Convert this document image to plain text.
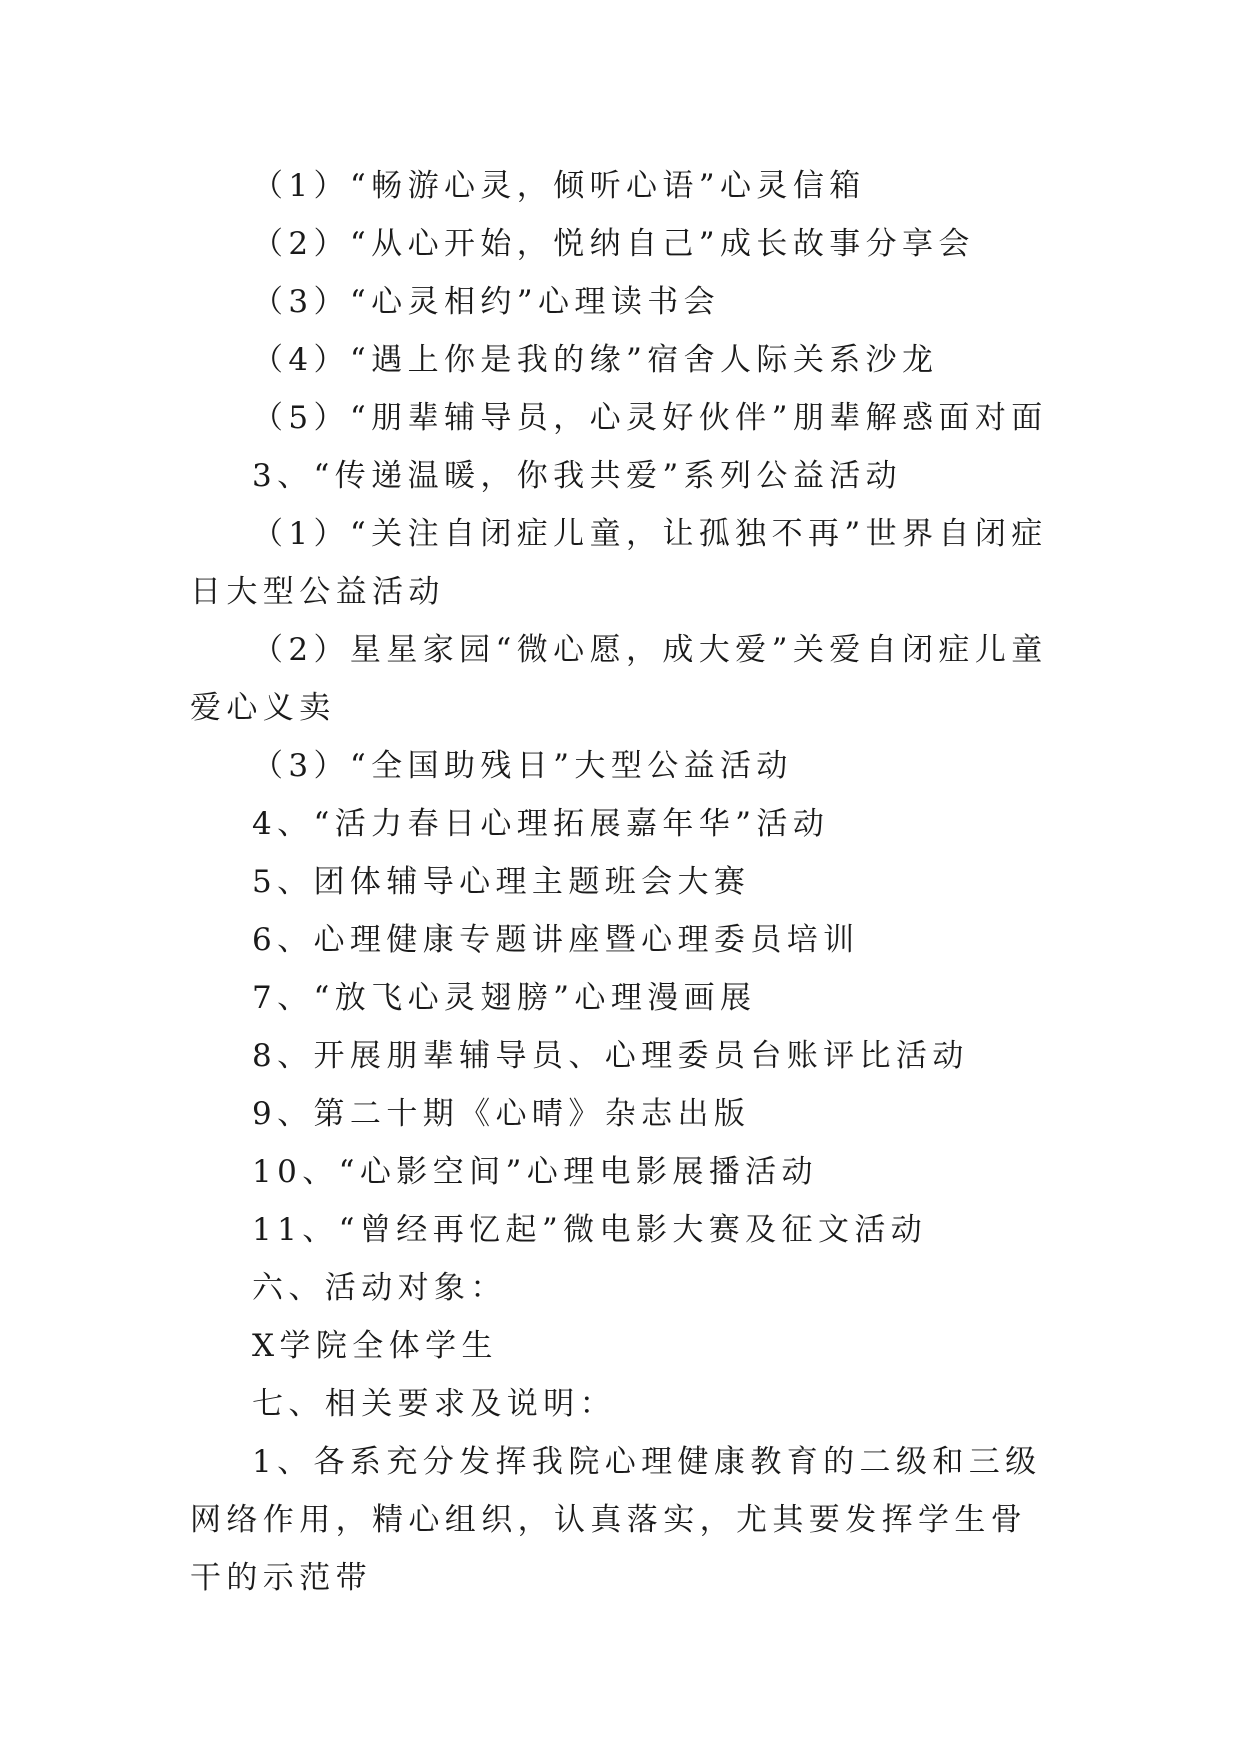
（1）“畅游心灵，倾听心语”心灵信箱

（2）“从心开始，悦纳自己”成长故事分享会

（3）“心灵相约”心理读书会

（4）“遇上你是我的缘”宿舍人际关系沙龙

（5）“朋辈辅导员，心灵好伙伴”朋辈解惑面对面

3、“传递温暖，你我共爱”系列公益活动

（1）“关注自闭症儿童，让孤独不再”世界自闭症日大型公益活动

（2）星星家园“微心愿，成大爱”关爱自闭症儿童爱心义卖

（3）“全国助残日”大型公益活动

4、“活力春日心理拓展嘉年华”活动

5、团体辅导心理主题班会大赛

6、心理健康专题讲座暨心理委员培训

7、“放飞心灵翅膀”心理漫画展

8、开展朋辈辅导员、心理委员台账评比活动

9、第二十期《心晴》杂志出版

10、“心影空间”心理电影展播活动

11、“曾经再忆起”微电影大赛及征文活动

六、活动对象：

X学院全体学生

七、相关要求及说明：

1、各系充分发挥我院心理健康教育的二级和三级网络作用，精心组织，认真落实，尤其要发挥学生骨干的示范带
